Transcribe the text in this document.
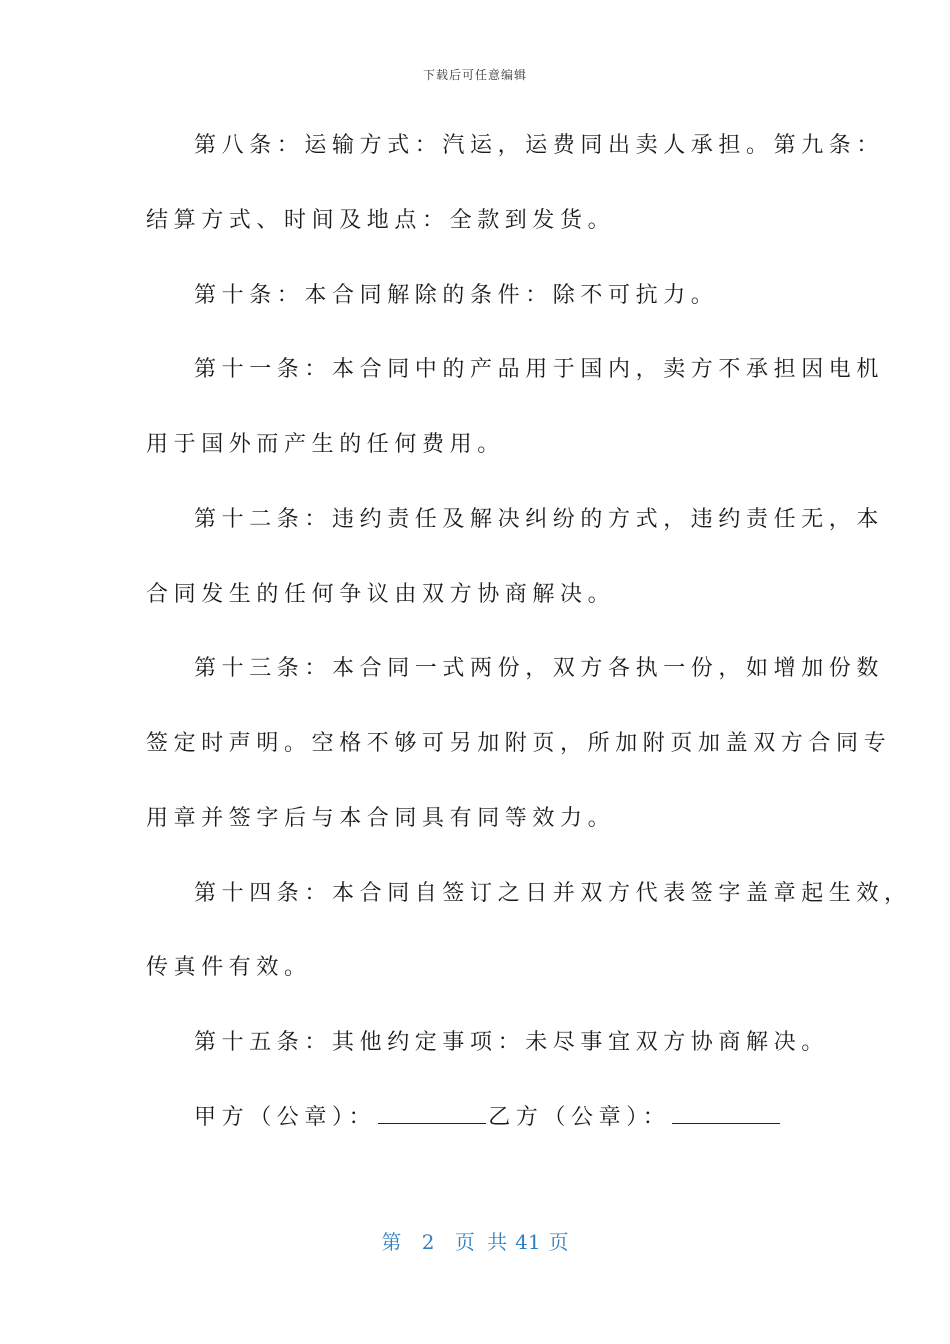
下载后可任意编辑
第八条：运输方式：汽运，运费同出卖人承担。第九条：
结算方式、时间及地点：全款到发货。
第十条：本合同解除的条件：除不可抗力。
第十一条：本合同中的产品用于国内，卖方不承担因电机
用于国外而产生的任何费用。
第十二条：违约责任及解决纠纷的方式，违约责任无，本
合同发生的任何争议由双方协商解决。
第十三条：本合同一式两份，双方各执一份，如增加份数
签定时声明。空格不够可另加附页，所加附页加盖双方合同专
用章并签字后与本合同具有同等效力。
第十四条：本合同自签订之日并双方代表签字盖章起生效，
传真件有效。
第十五条：其他约定事项：未尽事宜双方协商解决。
甲方（公章）：	乙方（公章）：
第 2 页 共 41 页
